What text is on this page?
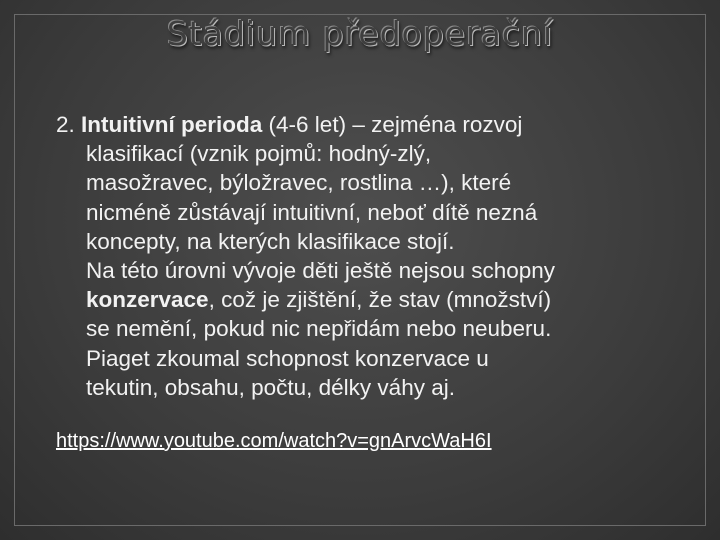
Stádium předoperační

2. Intuitivní perioda (4-6 let) – zejména rozvoj
klasifikací (vznik pojmů: hodný-zlý,
masožravec, býložravec, rostlina …), které
nicméně zůstávají intuitivní, neboť dítě nezná
koncepty, na kterých klasifikace stojí.

Na této úrovni vývoje děti ještě nejsou schopny
konzervace, což je zjištění, že stav (množství)
se nemění, pokud nic nepřidám nebo neuberu.
Piaget zkoumal schopnost konzervace u
tekutin, obsahu, počtu, délky váhy aj.

https://www.youtube.com/watch?v=gnArvcWaH6I
